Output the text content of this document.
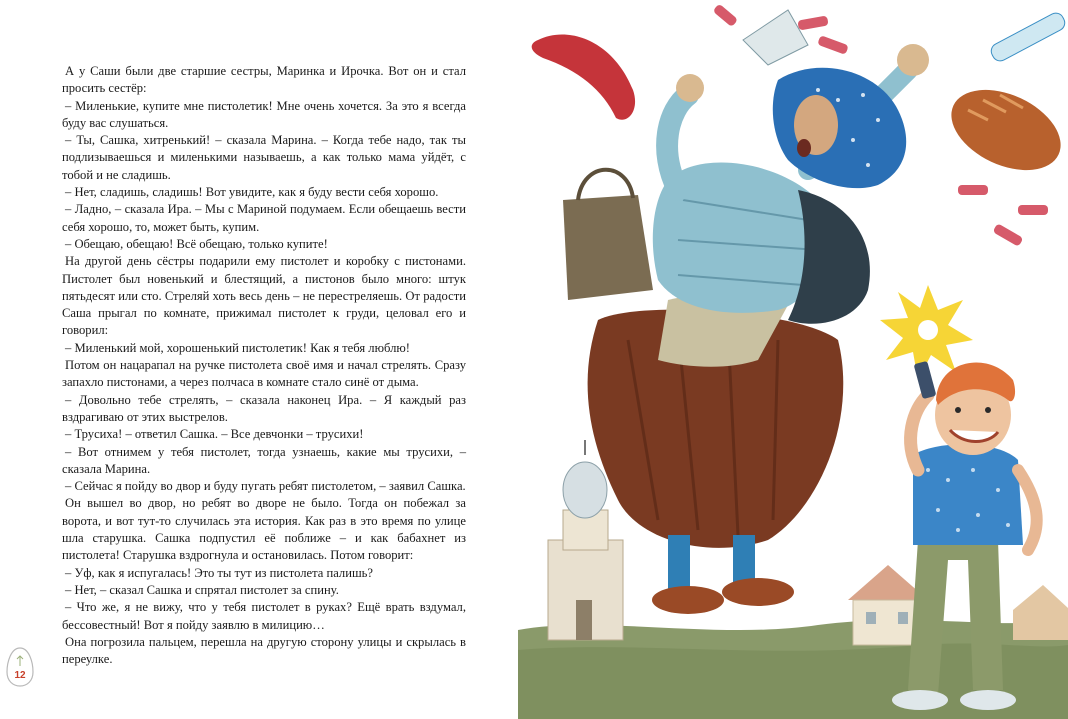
А у Саши были две старшие сестры, Маринка и Ирочка. Вот он и стал просить сестёр:

– Миленькие, купите мне пистолетик! Мне очень хочется. За это я всегда буду вас слушаться.

– Ты, Сашка, хитренький! – сказала Марина. – Когда тебе надо, так ты подлизываешься и миленькими называешь, а как только мама уйдёт, с тобой и не сладишь.

– Нет, сладишь, сладишь! Вот увидите, как я буду вести себя хорошо.

– Ладно, – сказала Ира. – Мы с Мариной подумаем. Если обещаешь вести себя хорошо, то, может быть, купим.

– Обещаю, обещаю! Всё обещаю, только купите!

На другой день сёстры подарили ему пистолет и коробку с пистонами. Пистолет был новенький и блестящий, а пистонов было много: штук пятьдесят или сто. Стреляй хоть весь день – не перестреляешь. От радости Саша прыгал по комнате, прижимал пистолет к груди, целовал его и говорил:

– Миленький мой, хорошенький пистолетик! Как я тебя люблю!

Потом он нацарапал на ручке пистолета своё имя и начал стрелять. Сразу запахло пистонами, а через полчаса в комнате стало синё от дыма.

– Довольно тебе стрелять, – сказала наконец Ира. – Я каждый раз вздрагиваю от этих выстрелов.

– Трусиха! – ответил Сашка. – Все девчонки – трусихи!

– Вот отнимем у тебя пистолет, тогда узнаешь, какие мы трусихи, – сказала Марина.

– Сейчас я пойду во двор и буду пугать ребят пистолетом, – заявил Сашка.

Он вышел во двор, но ребят во дворе не было. Тогда он побежал за ворота, и вот тут-то случилась эта история. Как раз в это время по улице шла старушка. Сашка подпустил её поближе – и как бабахнет из пистолета! Старушка вздрогнула и остановилась. Потом говорит:

– Уф, как я испугалась! Это ты тут из пистолета палишь?

– Нет, – сказал Сашка и спрятал пистолет за спину.

– Что же, я не вижу, что у тебя пистолет в руках? Ещё врать вздумал, бессовестный! Вот я пойду заявлю в милицию…

Она погрозила пальцем, перешла на другую сторону улицы и скрылась в переулке.

12
